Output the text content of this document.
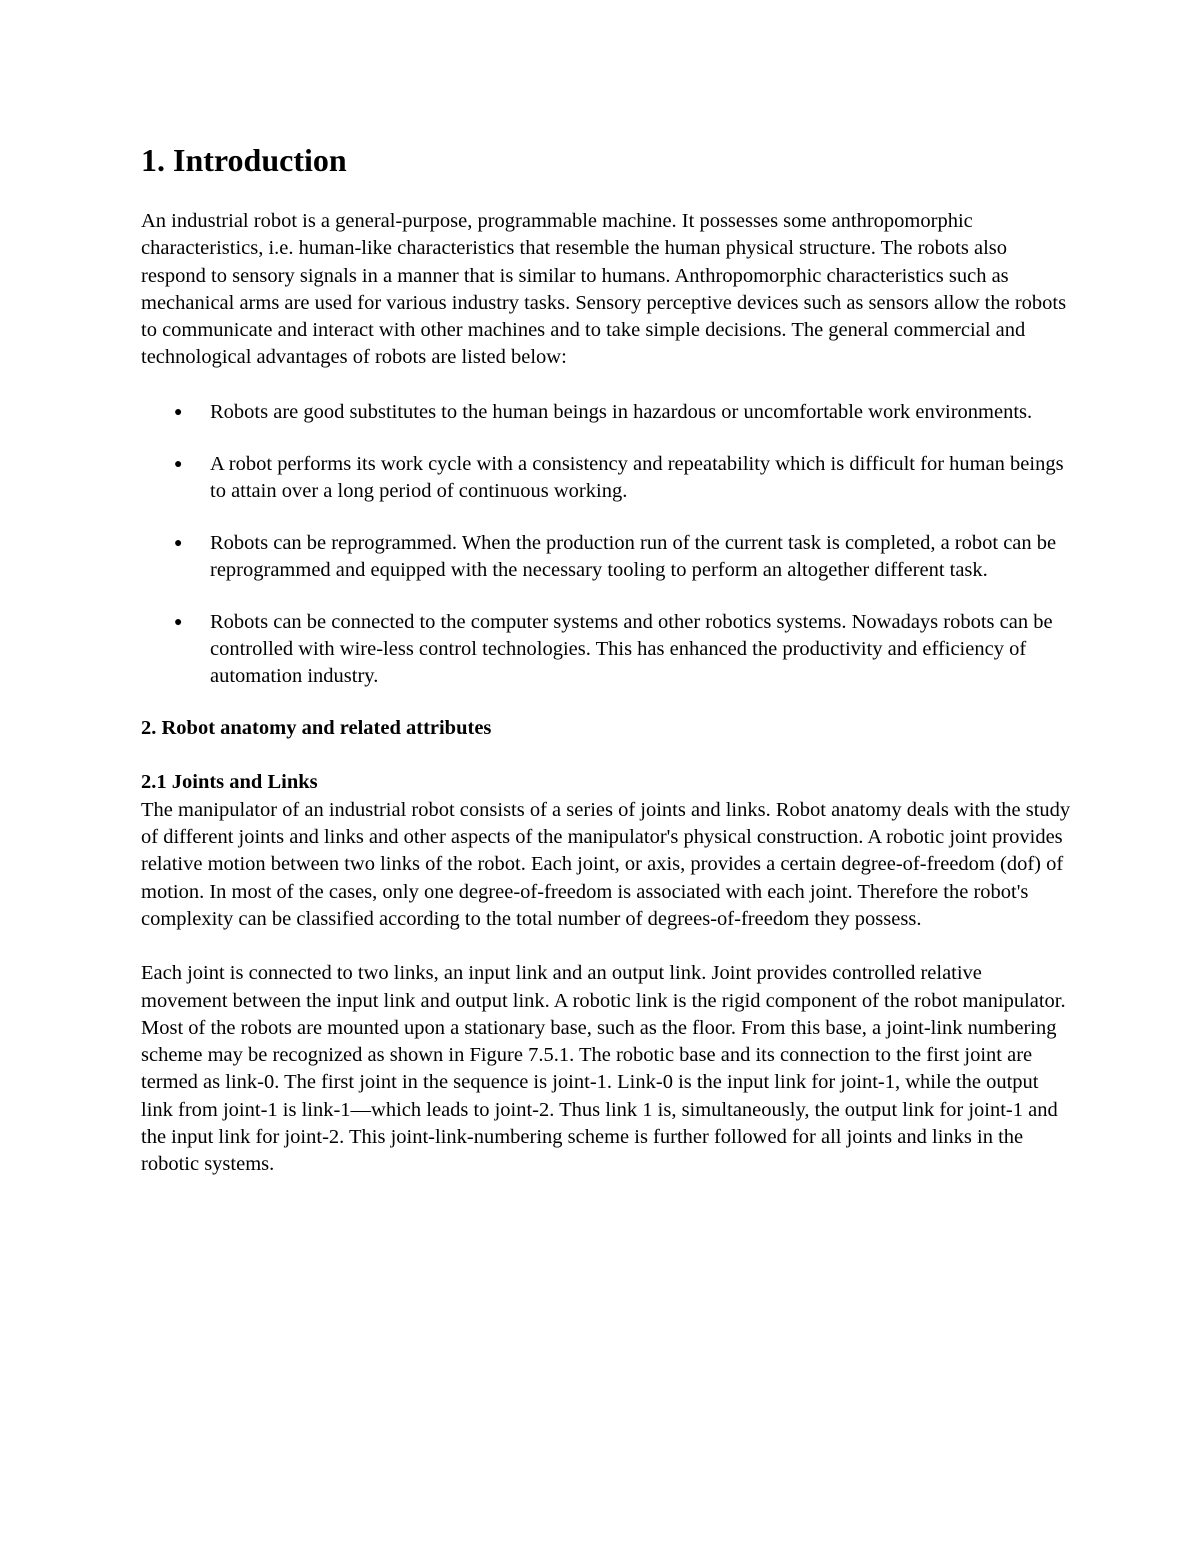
1. Introduction

An industrial robot is a general-purpose, programmable machine. It possesses some anthropomorphic characteristics, i.e. human-like characteristics that resemble the human physical structure. The robots also respond to sensory signals in a manner that is similar to humans. Anthropomorphic characteristics such as mechanical arms are used for various industry tasks. Sensory perceptive devices such as sensors allow the robots to communicate and interact with other machines and to take simple decisions. The general commercial and technological advantages of robots are listed below:

● Robots are good substitutes to the human beings in hazardous or uncomfortable work environments.
● A robot performs its work cycle with a consistency and repeatability which is difficult for human beings to attain over a long period of continuous working.
● Robots can be reprogrammed. When the production run of the current task is completed, a robot can be reprogrammed and equipped with the necessary tooling to perform an altogether different task.
● Robots can be connected to the computer systems and other robotics systems. Nowadays robots can be controlled with wire-less control technologies. This has enhanced the productivity and efficiency of automation industry.
2. Robot anatomy and related attributes
2.1 Joints and Links

The manipulator of an industrial robot consists of a series of joints and links. Robot anatomy deals with the study of different joints and links and other aspects of the manipulator's physical construction. A robotic joint provides relative motion between two links of the robot. Each joint, or axis, provides a certain degree-of-freedom (dof) of motion. In most of the cases, only one degree-of-freedom is associated with each joint. Therefore the robot's complexity can be classified according to the total number of degrees-of-freedom they possess.

Each joint is connected to two links, an input link and an output link. Joint provides controlled relative movement between the input link and output link. A robotic link is the rigid component of the robot manipulator. Most of the robots are mounted upon a stationary base, such as the floor. From this base, a joint-link numbering scheme may be recognized as shown in Figure 7.5.1. The robotic base and its connection to the first joint are termed as link-0. The first joint in the sequence is joint-1. Link-0 is the input link for joint-1, while the output link from joint-1 is link-1—which leads to joint-2. Thus link 1 is, simultaneously, the output link for joint-1 and the input link for joint-2. This joint-link-numbering scheme is further followed for all joints and links in the robotic systems.
